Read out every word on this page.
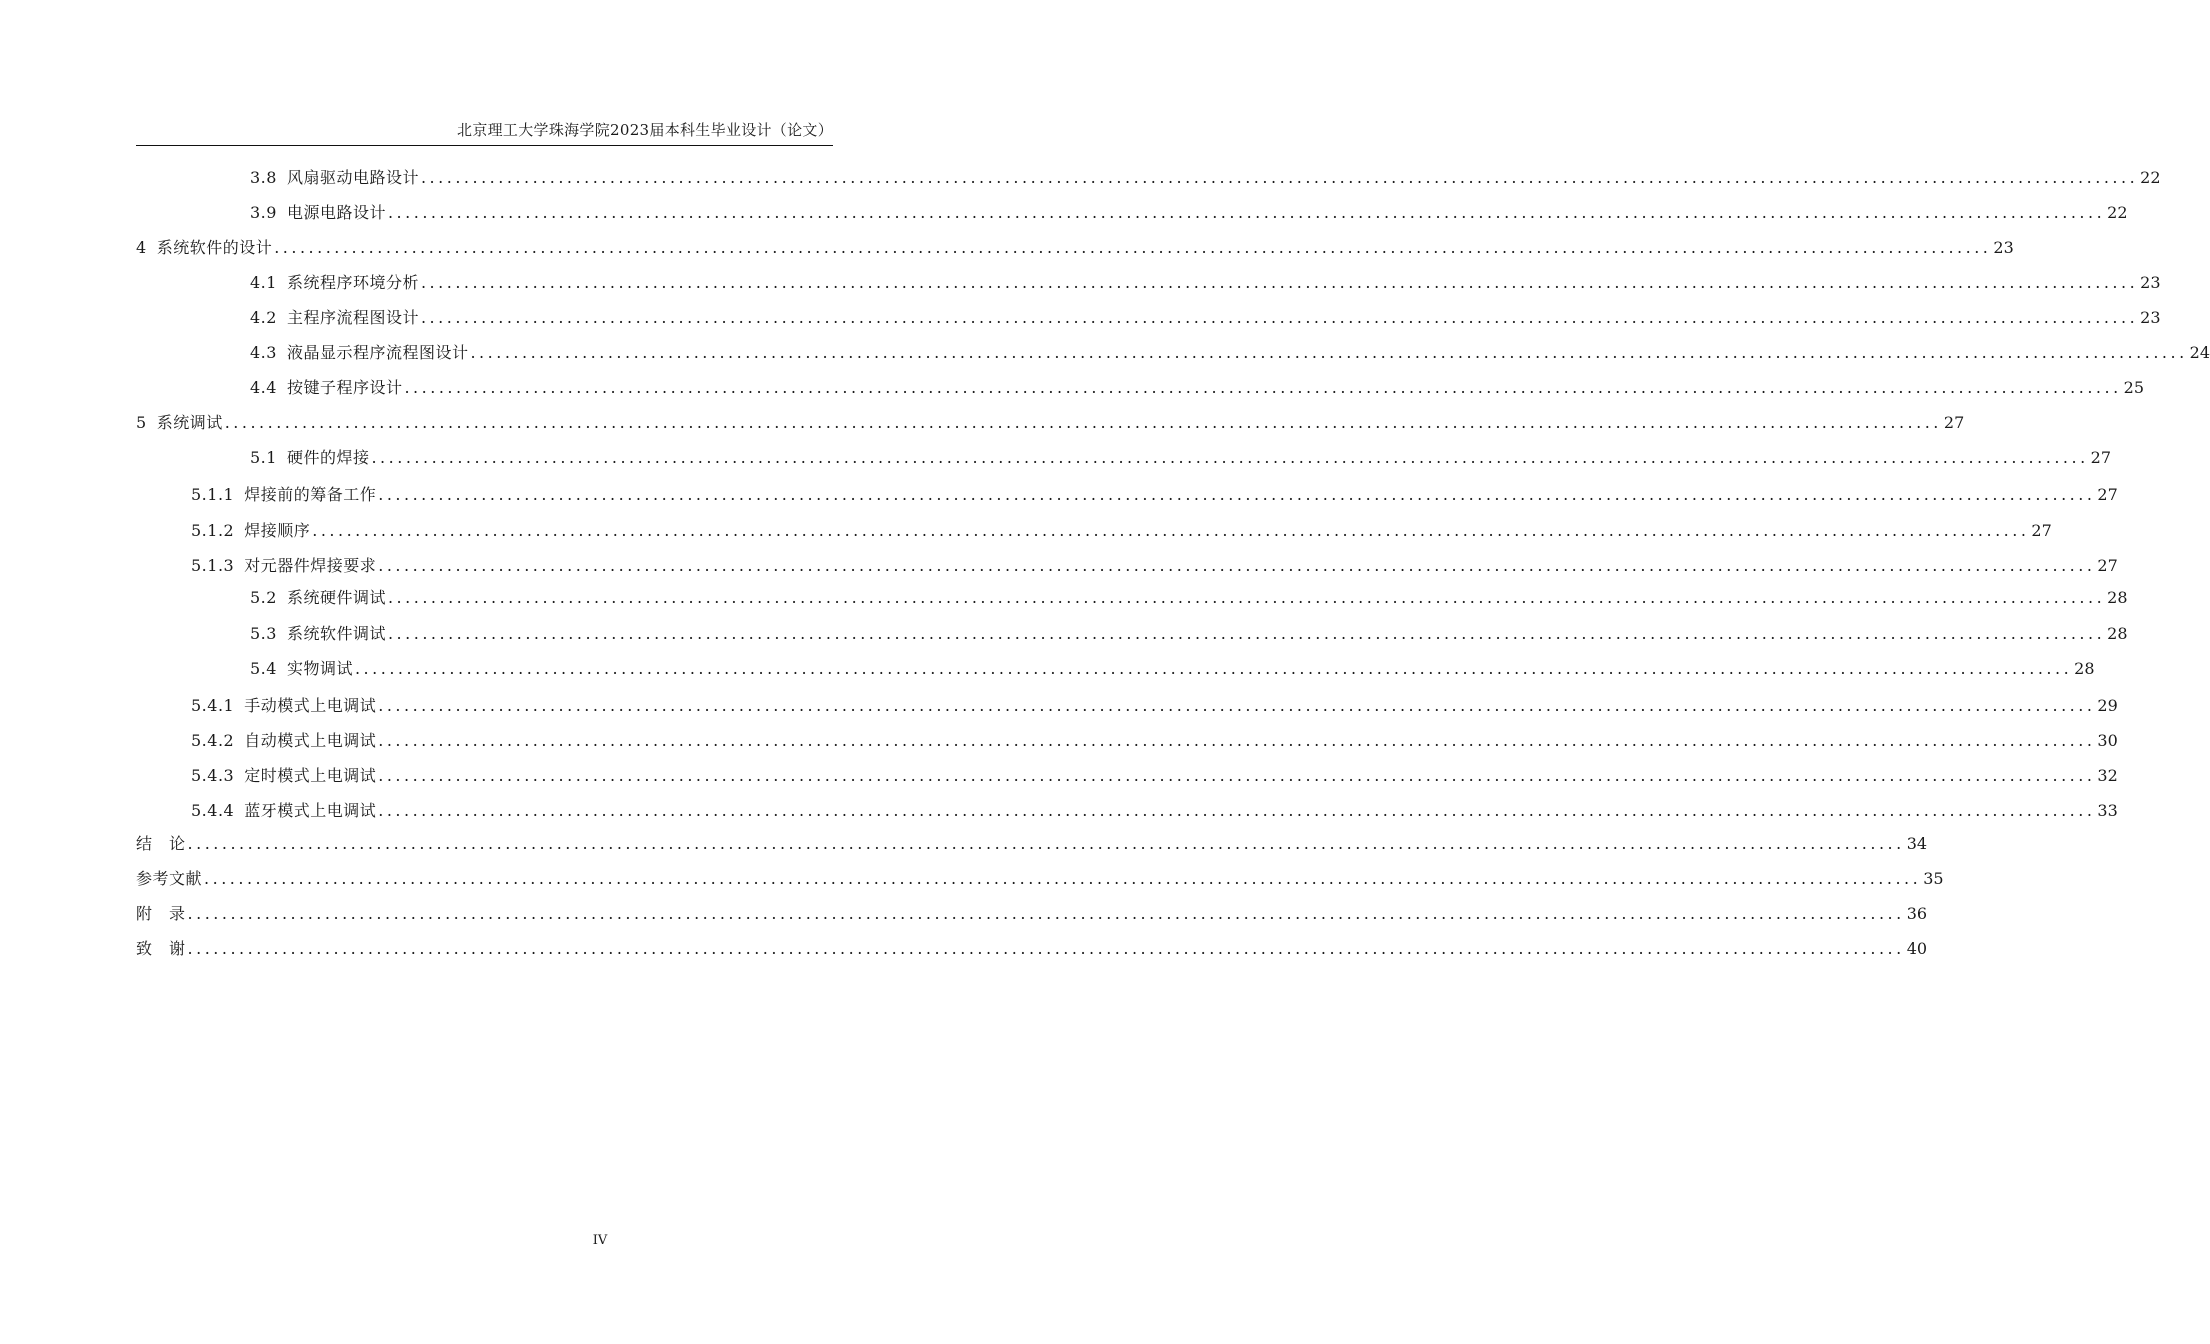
北京理工大学珠海学院2023届本科生毕业设计（论文）
3.8 风扇驱动电路设计 ........................................................................................................................................................................................................ 22
3.9 电源电路设计 ........................................................................................................................................................................................................ 22
4 系统软件的设计 ........................................................................................................................................................................................................ 23
4.1 系统程序环境分析 ........................................................................................................................................................................................................ 23
4.2 主程序流程图设计 ........................................................................................................................................................................................................ 23
4.3 液晶显示程序流程图设计 ........................................................................................................................................................................................................ 24
4.4 按键子程序设计 ........................................................................................................................................................................................................ 25
5 系统调试 ........................................................................................................................................................................................................ 27
5.1 硬件的焊接 ........................................................................................................................................................................................................ 27
5.1.1 焊接前的筹备工作 ........................................................................................................................................................................................................ 27
5.1.2 焊接顺序 ........................................................................................................................................................................................................ 27
5.1.3 对元器件焊接要求 ........................................................................................................................................................................................................ 27
5.2 系统硬件调试 ........................................................................................................................................................................................................ 28
5.3 系统软件调试 ........................................................................................................................................................................................................ 28
5.4 实物调试 ........................................................................................................................................................................................................ 28
5.4.1 手动模式上电调试 ........................................................................................................................................................................................................ 29
5.4.2 自动模式上电调试 ........................................................................................................................................................................................................ 30
5.4.3 定时模式上电调试 ........................................................................................................................................................................................................ 32
5.4.4 蓝牙模式上电调试 ........................................................................................................................................................................................................ 33
结　论 ........................................................................................................................................................................................................ 34
参考文献 ........................................................................................................................................................................................................ 35
附　录 ........................................................................................................................................................................................................ 36
致　谢 ........................................................................................................................................................................................................ 40
IV
